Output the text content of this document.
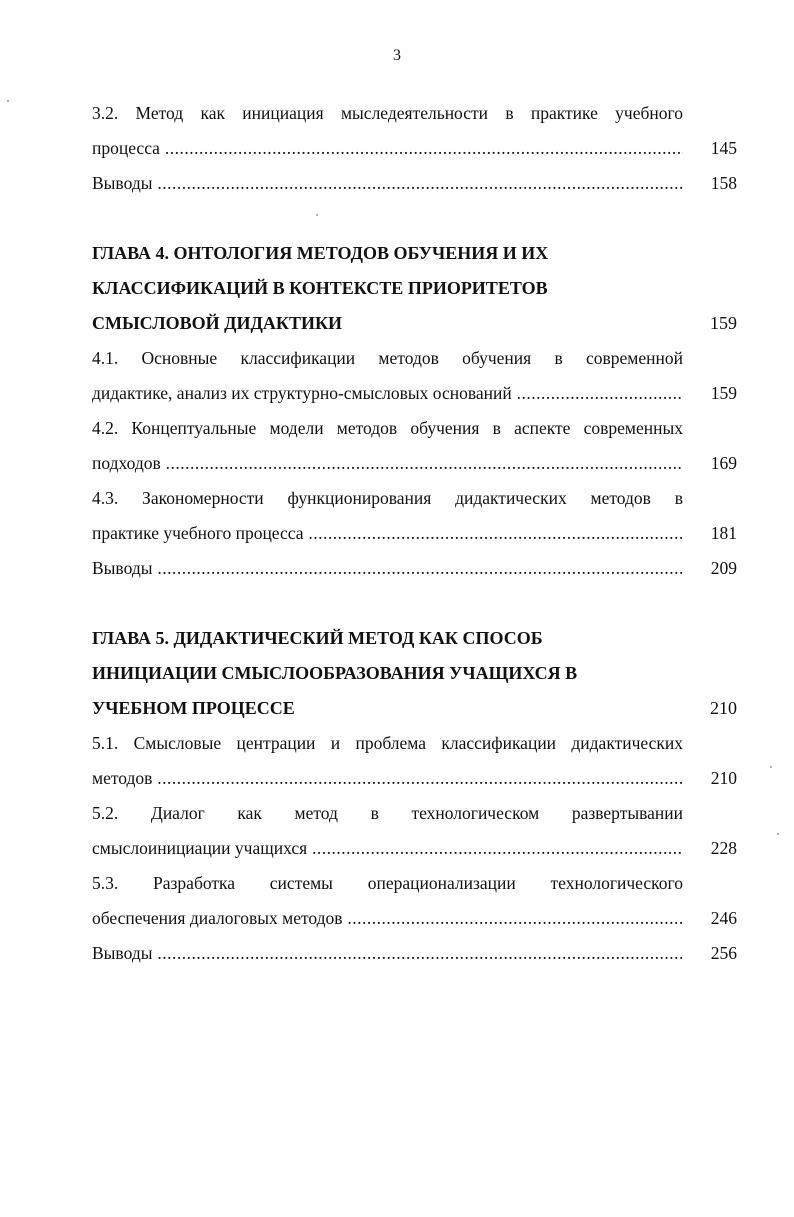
3
3.2. Метод как инициация мыследеятельности в практике учебного
процесса .....	145
Выводы .....	158
ГЛАВА 4. ОНТОЛОГИЯ МЕТОДОВ ОБУЧЕНИЯ И ИХ
КЛАССИФИКАЦИЙ В КОНТЕКСТЕ ПРИОРИТЕТОВ
СМЫСЛОВОЙ ДИДАКТИКИ	159
4.1. Основные классификации методов обучения в современной
дидактике, анализ их структурно-смысловых оснований .....	159
4.2. Концептуальные модели методов обучения в аспекте современных
подходов .....	169
4.3. Закономерности функционирования дидактических методов в
практике учебного процесса .....	181
Выводы .....	209
ГЛАВА 5. ДИДАКТИЧЕСКИЙ МЕТОД КАК СПОСОБ
ИНИЦИАЦИИ СМЫСЛООБРАЗОВАНИЯ УЧАЩИХСЯ В
УЧЕБНОМ ПРОЦЕССЕ	210
5.1. Смысловые центрации и проблема классификации дидактических
методов .....	210
5.2. Диалог как метод в технологическом развертывании
смыслоинициации учащихся .....	228
5.3. Разработка системы операционализации технологического
обеспечения диалоговых методов .....	246
Выводы .....	256
